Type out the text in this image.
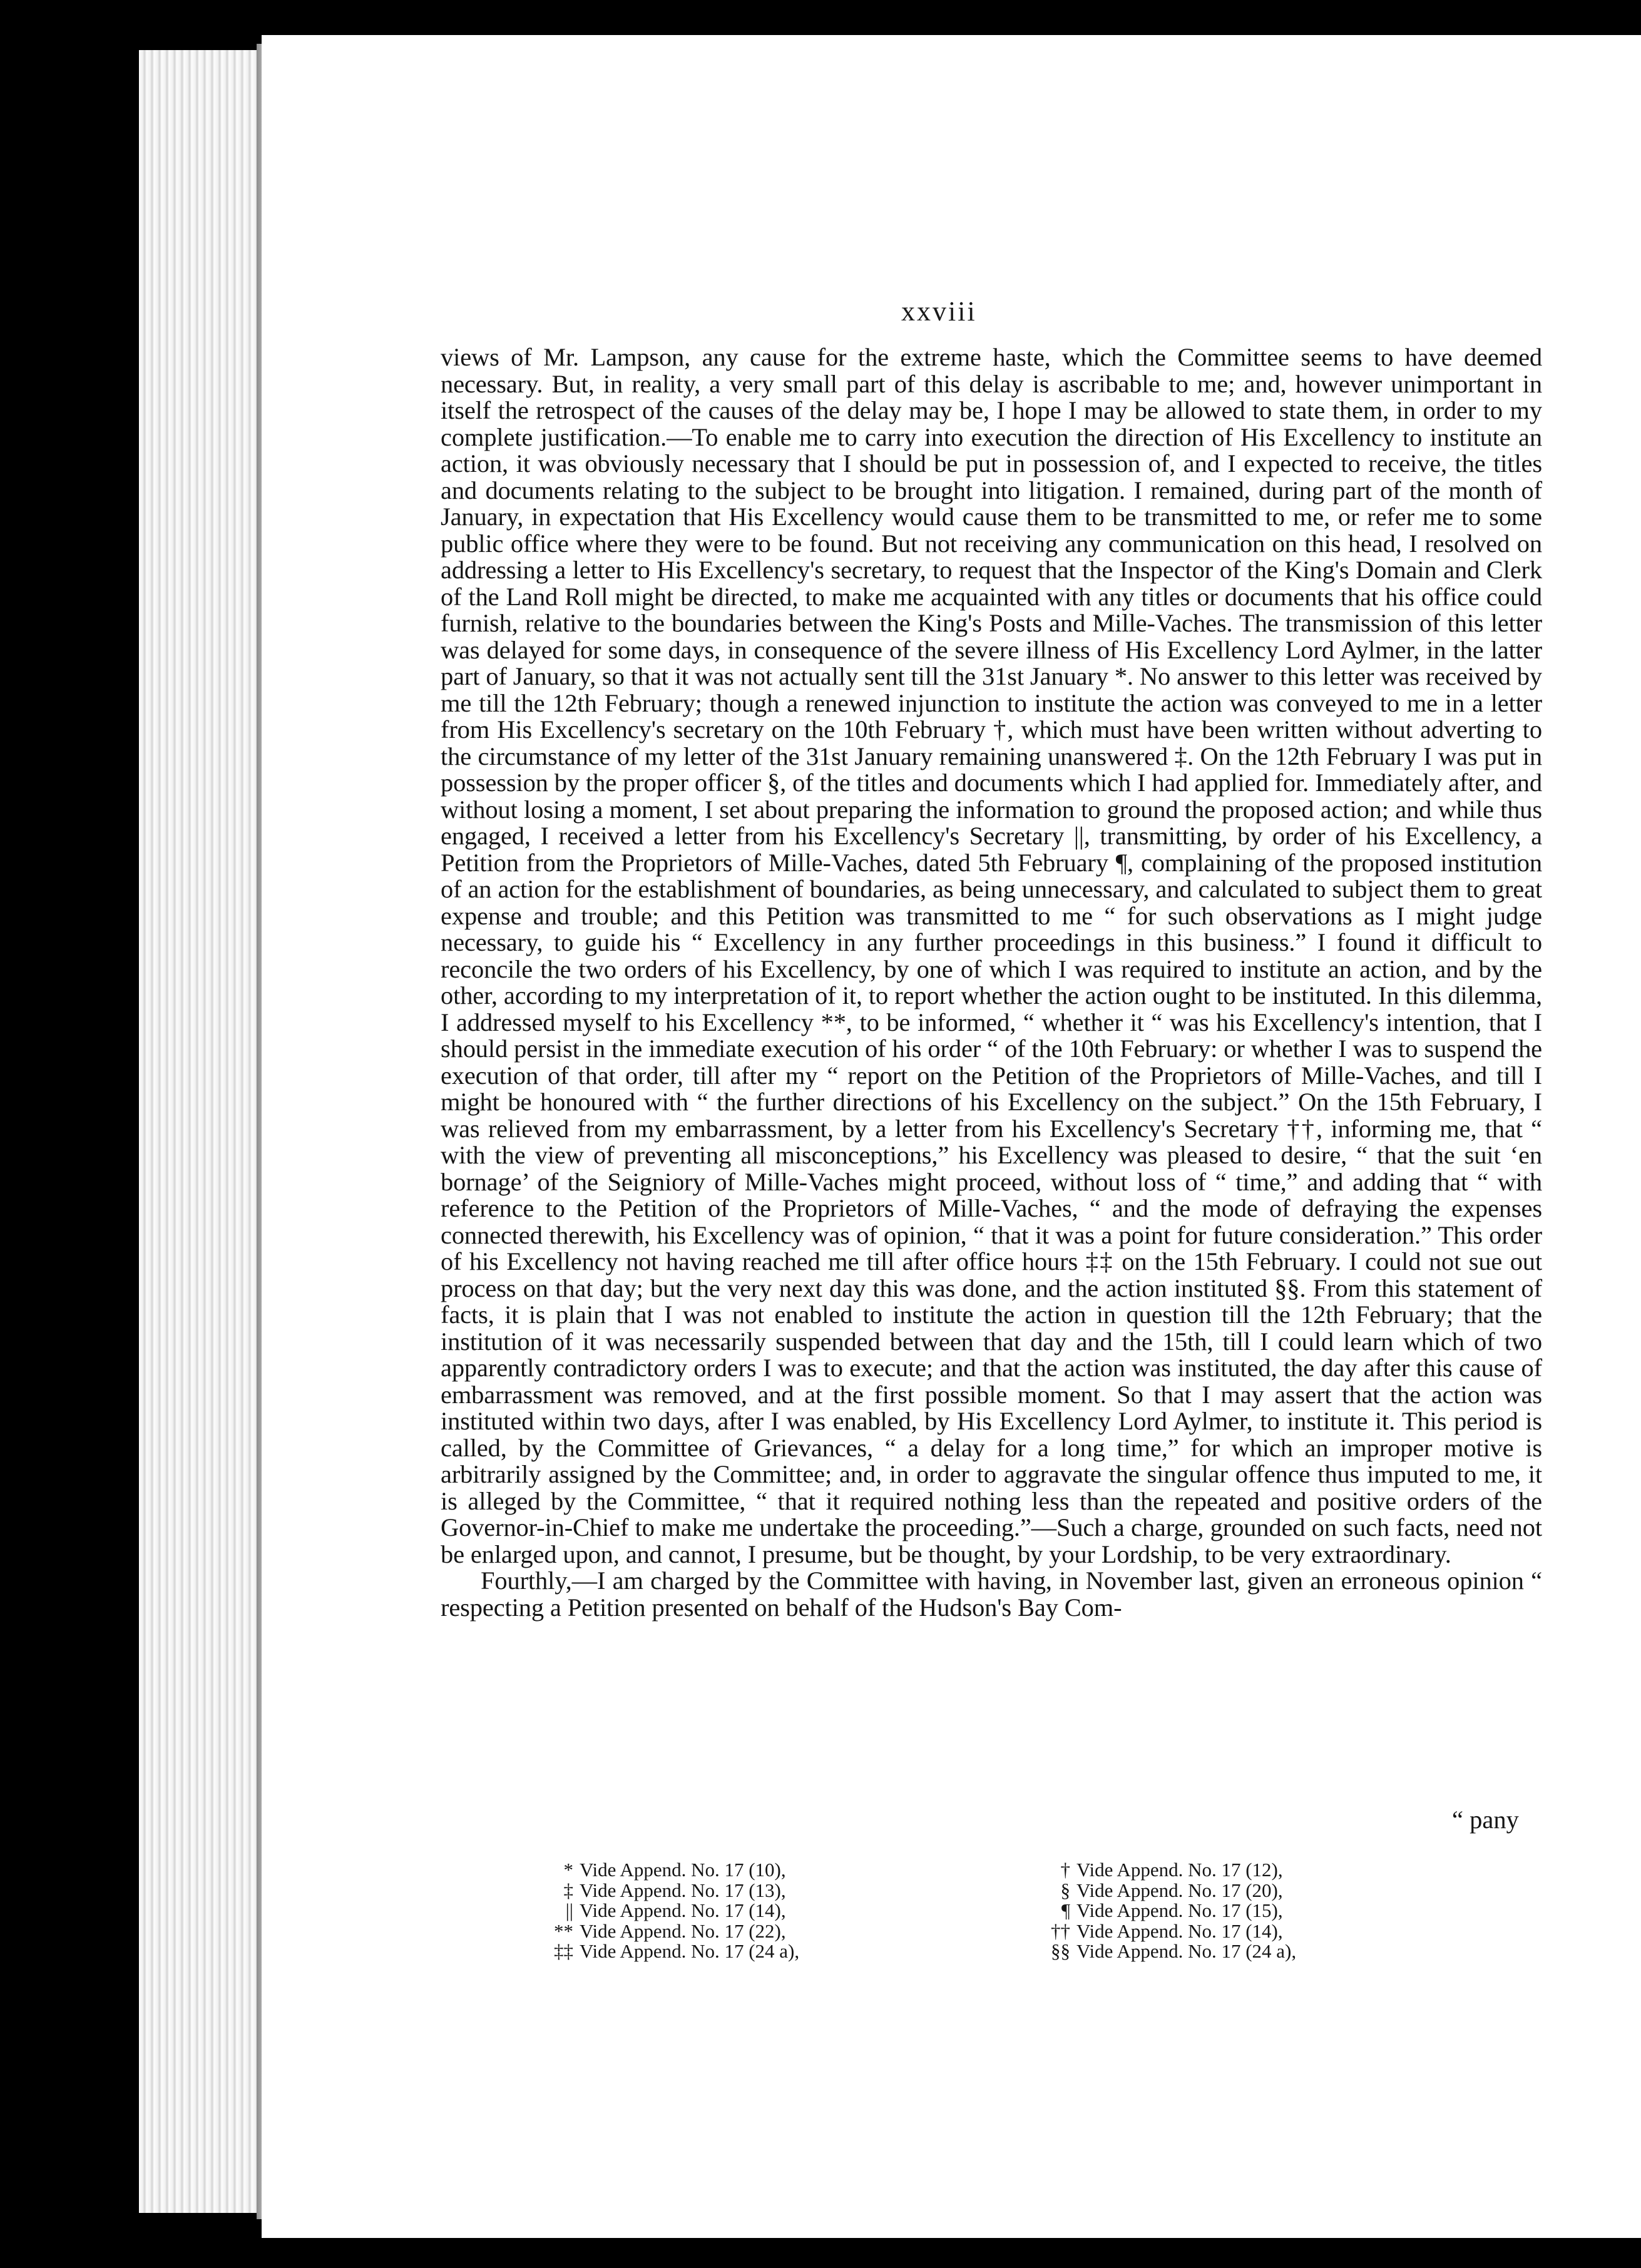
xxviii

views of Mr. Lampson, any cause for the extreme haste, which the Committee seems to have deemed necessary. But, in reality, a very small part of this delay is ascribable to me; and, however unimportant in itself the retrospect of the causes of the delay may be, I hope I may be allowed to state them, in order to my complete justification.—To enable me to carry into execution the direction of His Excellency to institute an action, it was obviously necessary that I should be put in possession of, and I expected to receive, the titles and documents relating to the subject to be brought into litigation. I remained, during part of the month of January, in expectation that His Excellency would cause them to be transmitted to me, or refer me to some public office where they were to be found. But not receiving any communication on this head, I resolved on addressing a letter to His Excellency's secretary, to request that the Inspector of the King's Domain and Clerk of the Land Roll might be directed, to make me acquainted with any titles or documents that his office could furnish, relative to the boundaries between the King's Posts and Mille-Vaches. The transmission of this letter was delayed for some days, in consequence of the severe illness of His Excellency Lord Aylmer, in the latter part of January, so that it was not actually sent till the 31st January *. No answer to this letter was received by me till the 12th February; though a renewed injunction to institute the action was conveyed to me in a letter from His Excellency's secretary on the 10th February †, which must have been written without adverting to the circumstance of my letter of the 31st January remaining unanswered ‡. On the 12th February I was put in possession by the proper officer §, of the titles and documents which I had applied for. Immediately after, and without losing a moment, I set about preparing the information to ground the proposed action; and while thus engaged, I received a letter from his Excellency's Secretary ||, transmitting, by order of his Excellency, a Petition from the Proprietors of Mille-Vaches, dated 5th February ¶, complaining of the proposed institution of an action for the establishment of boundaries, as being unnecessary, and calculated to subject them to great expense and trouble; and this Petition was transmitted to me “ for such observations as I might judge necessary, to guide his “ Excellency in any further proceedings in this business.” I found it difficult to reconcile the two orders of his Excellency, by one of which I was required to institute an action, and by the other, according to my interpretation of it, to report whether the action ought to be instituted. In this dilemma, I addressed myself to his Excellency **, to be informed, “ whether it “ was his Excellency's intention, that I should persist in the immediate execution of his order “ of the 10th February: or whether I was to suspend the execution of that order, till after my “ report on the Petition of the Proprietors of Mille-Vaches, and till I might be honoured with “ the further directions of his Excellency on the subject.” On the 15th February, I was relieved from my embarrassment, by a letter from his Excellency's Secretary ††, informing me, that “ with the view of preventing all misconceptions,” his Excellency was pleased to desire, “ that the suit ‘en bornage’ of the Seigniory of Mille-Vaches might proceed, without loss of “ time,” and adding that “ with reference to the Petition of the Proprietors of Mille-Vaches, “ and the mode of defraying the expenses connected therewith, his Excellency was of opinion, “ that it was a point for future consideration.” This order of his Excellency not having reached me till after office hours ‡‡ on the 15th February. I could not sue out process on that day; but the very next day this was done, and the action instituted §§. From this statement of facts, it is plain that I was not enabled to institute the action in question till the 12th February; that the institution of it was necessarily suspended between that day and the 15th, till I could learn which of two apparently contradictory orders I was to execute; and that the action was instituted, the day after this cause of embarrassment was removed, and at the first possible moment. So that I may assert that the action was instituted within two days, after I was enabled, by His Excellency Lord Aylmer, to institute it. This period is called, by the Committee of Grievances, “ a delay for a long time,” for which an improper motive is arbitrarily assigned by the Committee; and, in order to aggravate the singular offence thus imputed to me, it is alleged by the Committee, “ that it required nothing less than the repeated and positive orders of the Governor-in-Chief to make me undertake the proceeding.”—Such a charge, grounded on such facts, need not be enlarged upon, and cannot, I presume, but be thought, by your Lordship, to be very extraordinary.

Fourthly,—I am charged by the Committee with having, in November last, given an erroneous opinion “ respecting a Petition presented on behalf of the Hudson's Bay Com-

“ pany
* Vide Append. No. 17 (10),
‡ Vide Append. No. 17 (13),
|| Vide Append. No. 17 (14),
** Vide Append. No. 17 (22),
‡‡ Vide Append. No. 17 (24 a),
† Vide Append. No. 17 (12),
§ Vide Append. No. 17 (20),
¶ Vide Append. No. 17 (15),
†† Vide Append. No. 17 (14),
§§ Vide Append. No. 17 (24 a),
